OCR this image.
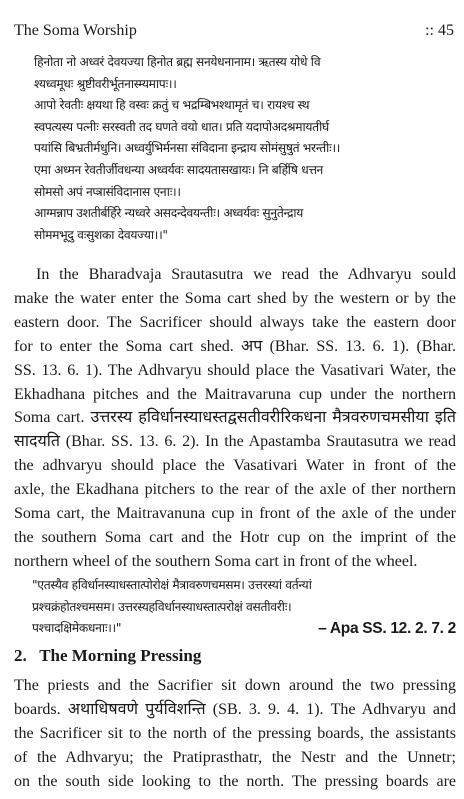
The Soma Worship	:: 45
हिनोता नो अध्वरं देवयज्या हिनोत ब्रह्म सनयेधनानाम। ऋतस्य योधे वि
श्यध्वमूधः श्रुष्टीवरीर्भूतनास्म्यमापः।।
आपो रेवतीः क्षयथा हि वस्वः क्रतुं च भद्रम्बिभश्थामृतं च। रायश्च स्थ
स्वपत्यस्य पत्नीः सरस्वती तद घणते वयो धात। प्रति यदापोअदश्रमायतीर्घ
पयांसि बिभ्रतीर्मधुनि। अध्वर्युभिर्मनसा संविदाना इन्द्राय सोमंसुषुतं भरन्तीः।।
एमा अध्मन रेवतीर्जीवधन्या अध्वर्यवः सादयतासखायः। नि बर्हिषि धत्तन
सोमसो अपं नप्त्रासंविदानास एनाः।।
आग्मन्नाप उशतीर्बर्हिरे न्यध्वरे असदन्देवयन्तीः। अध्वर्यवः सुनुतेन्द्राय
सोममभूदु वःसुशका देवयज्या।।"
In the Bharadvaja Srautasutra we read the Adhvaryu sould
make the water enter the Soma cart shed by the western or by the
eastern door. The Sacrificer should always take the eastern door
for to enter the Soma cart shed. अप (Bhar. SS. 13. 6. 1). (Bhar.
SS. 13. 6. 1). The Adhvaryu should place the Vasativari Water, the
Ekhadhana pitches and the Maitravaruna cup under the northern
Soma cart. उत्तरस्य हविर्धानस्याधस्तद्वसतीवरीरिकधना मैत्रवरुणचमसीया इति
सादयति (Bhar. SS. 13. 6. 2). In the Apastamba Srautasutra we read
the adhvaryu should place the Vasativari Water in front of the
axle, the Ekadhana pitchers to the rear of the axle of ther northern
Soma cart, the Maitravanuna cup in front of the axle of the under
the southern Soma cart and the Hotr cup on the imprint of the
northern wheel of the southern Soma cart in front of the wheel.
"एतस्यैव हविर्धानस्याधस्तात्पोरोक्षं मैत्रावरुणचमसम। उत्तरस्यां वर्तन्यां
प्रश्चक्रंहोतश्चमसम। उत्तरस्यहविर्धानस्याधस्तात्परोक्षं वसतीवरीः।
पश्चादक्षिमेकधनाः।।"	– Apa SS. 12. 2. 7. 2
2.   The Morning Pressing
The priests and the Sacrifier sit down around the two pressing
boards. अथाधिषवणे पुर्यविशन्ति (SB. 3. 9. 4. 1). The Adhvaryu and
the Sacrificer sit to the north of the pressing boards, the assistants
of the Adhvaryu; the Pratiprasthatr, the Nestr and the Unnetr;
on the south side looking to the north. The pressing boards are
